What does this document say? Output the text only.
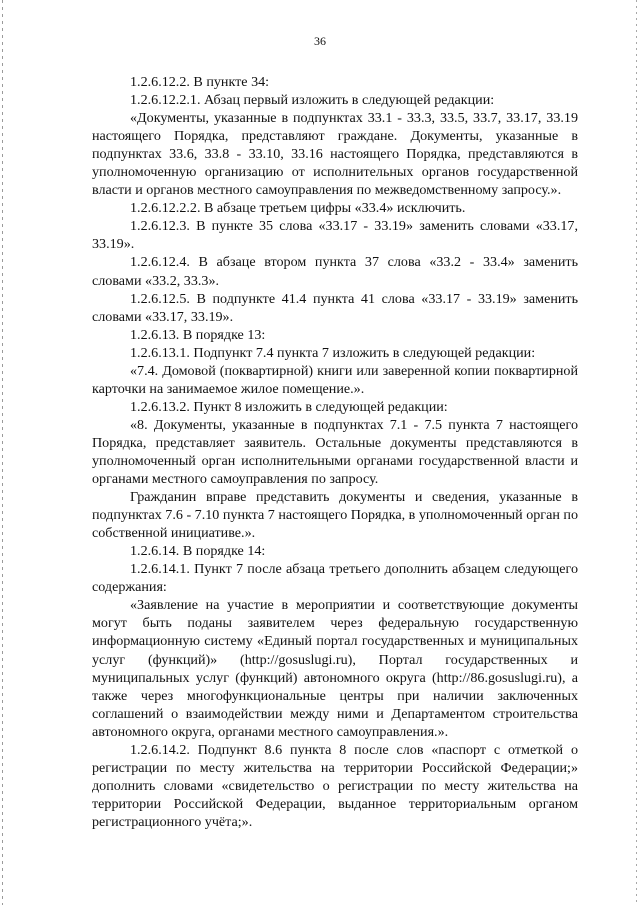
36

1.2.6.12.2. В пункте 34:

1.2.6.12.2.1. Абзац первый изложить в следующей редакции:

«Документы, указанные в подпунктах 33.1 - 33.3, 33.5, 33.7, 33.17, 33.19 настоящего Порядка, представляют граждане. Документы, указанные в подпунктах 33.6, 33.8 - 33.10, 33.16 настоящего Порядка, представляются в уполномоченную организацию от исполнительных органов государственной власти и органов местного самоуправления по межведомственному запросу.».

1.2.6.12.2.2. В абзаце третьем цифры «33.4» исключить.

1.2.6.12.3. В пункте 35 слова «33.17 - 33.19» заменить словами «33.17, 33.19».

1.2.6.12.4. В абзаце втором пункта 37 слова «33.2 - 33.4» заменить словами «33.2, 33.3».

1.2.6.12.5. В подпункте 41.4 пункта 41 слова «33.17 - 33.19» заменить словами «33.17, 33.19».

1.2.6.13. В порядке 13:

1.2.6.13.1. Подпункт 7.4 пункта 7 изложить в следующей редакции:

«7.4. Домовой (поквартирной) книги или заверенной копии поквартирной карточки на занимаемое жилое помещение.».

1.2.6.13.2. Пункт 8 изложить в следующей редакции:

«8. Документы, указанные в подпунктах 7.1 - 7.5 пункта 7 настоящего Порядка, представляет заявитель. Остальные документы представляются в уполномоченный орган исполнительными органами государственной власти и органами местного самоуправления по запросу.

Гражданин вправе представить документы и сведения, указанные в подпунктах 7.6 - 7.10 пункта 7 настоящего Порядка, в уполномоченный орган по собственной инициативе.».

1.2.6.14. В порядке 14:

1.2.6.14.1. Пункт 7 после абзаца третьего дополнить абзацем следующего содержания:

«Заявление на участие в мероприятии и соответствующие документы могут быть поданы заявителем через федеральную государственную информационную систему «Единый портал государственных и муниципальных услуг (функций)» (http://gosuslugi.ru), Портал государственных и муниципальных услуг (функций) автономного округа (http://86.gosuslugi.ru), а также через многофункциональные центры при наличии заключенных соглашений о взаимодействии между ними и Департаментом строительства автономного округа, органами местного самоуправления.».

1.2.6.14.2. Подпункт 8.6 пункта 8 после слов «паспорт с отметкой о регистрации по месту жительства на территории Российской Федерации;» дополнить словами «свидетельство о регистрации по месту жительства на территории Российской Федерации, выданное территориальным органом регистрационного учёта;».
